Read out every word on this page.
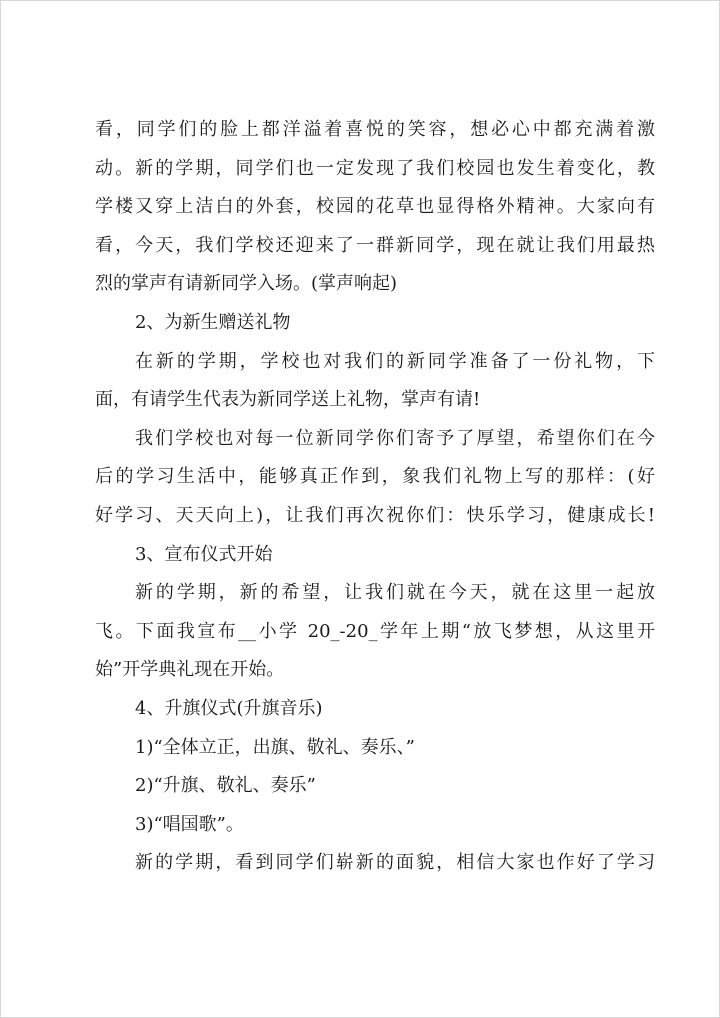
看，同学们的脸上都洋溢着喜悦的笑容，想必心中都充满着激
动。新的学期，同学们也一定发现了我们校园也发生着变化，教
学楼又穿上洁白的外套，校园的花草也显得格外精神。大家向有
看，今天，我们学校还迎来了一群新同学，现在就让我们用最热
烈的掌声有请新同学入场。(掌声响起)
2、为新生赠送礼物
在新的学期，学校也对我们的新同学准备了一份礼物，下
面，有请学生代表为新同学送上礼物，掌声有请!
我们学校也对每一位新同学你们寄予了厚望，希望你们在今
后的学习生活中，能够真正作到，象我们礼物上写的那样：(好
好学习、天天向上)，让我们再次祝你们：快乐学习，健康成长!
3、宣布仪式开始
新的学期，新的希望，让我们就在今天，就在这里一起放
飞。下面我宣布__小学 20_-20_学年上期“放飞梦想，从这里开
始”开学典礼现在开始。
4、升旗仪式(升旗音乐)
1)“全体立正，出旗、敬礼、奏乐、”
2)“升旗、敬礼、奏乐”
3)“唱国歌”。
新的学期，看到同学们崭新的面貌，相信大家也作好了学习
